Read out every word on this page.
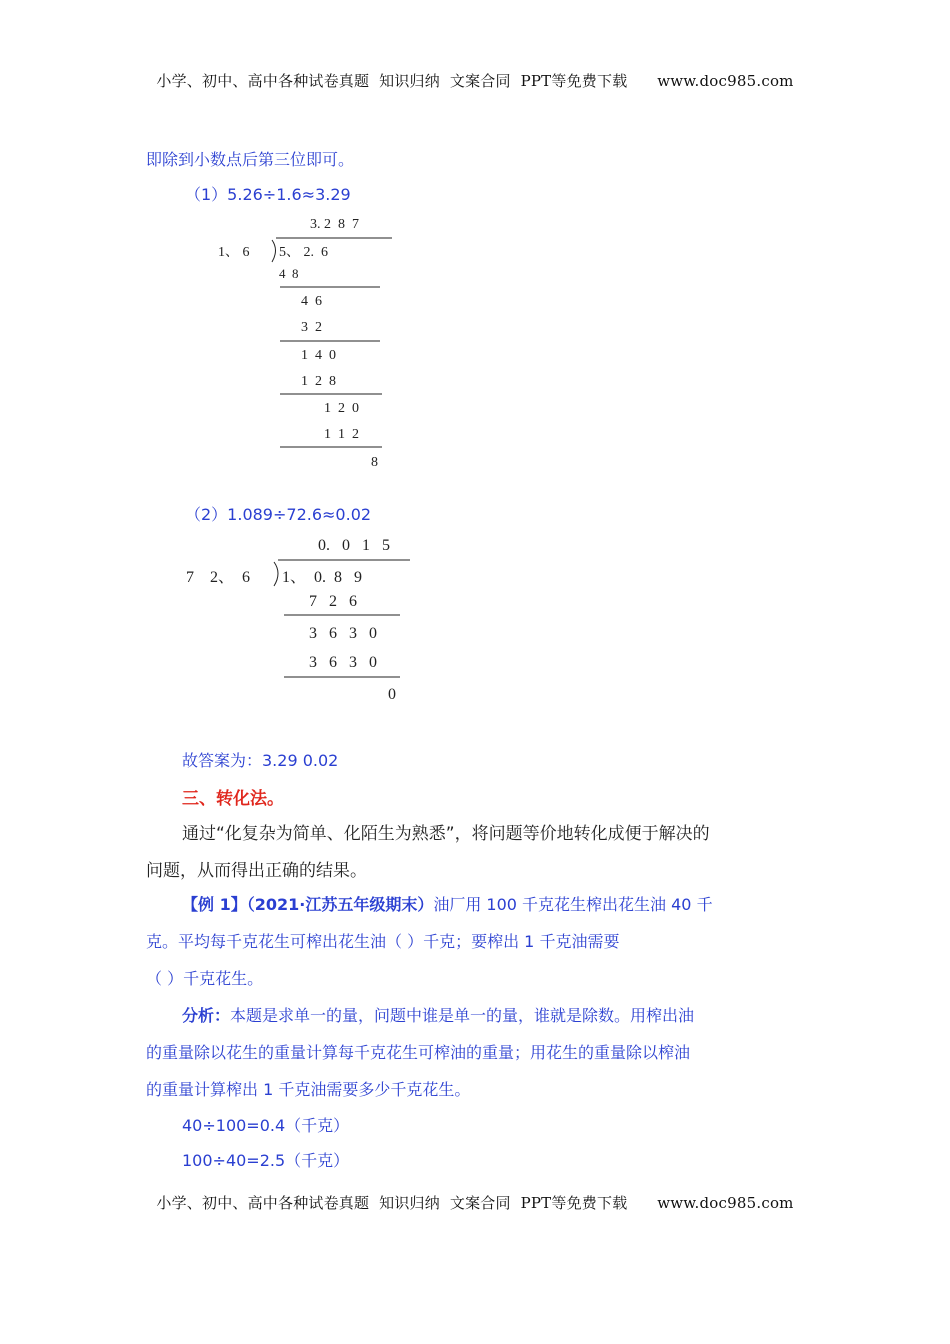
小学、初中、高中各种试卷真题  知识归纳  文案合同  PPT等免费下载      www.doc985.com
即除到小数点后第三位即可。
（1）5.26÷1.6≈3.29
3. 2  8  7
1、 6 5、 2.  6
4  8
4  6
3  2
1  4  0
1  2  8
1  2  0
1  1  2
8
（2）1.089÷72.6≈0.02
0.   0   1   5
7    2、  6 1、  0.  8   9
7   2   6
3   6   3   0
3   6   3   0
0
故答案为：3.29 0.02
三、转化法。
通过“化复杂为简单、化陌生为熟悉”，将问题等价地转化成便于解决的
问题，从而得出正确的结果。
【例 1】（2021·江苏五年级期末）油厂用 100 千克花生榨出花生油 40 千
克。平均每千克花生可榨出花生油（ ）千克；要榨出 1 千克油需要
（ ）千克花生。
分析：本题是求单一的量，问题中谁是单一的量，谁就是除数。用榨出油
的重量除以花生的重量计算每千克花生可榨油的重量；用花生的重量除以榨油
的重量计算榨出 1 千克油需要多少千克花生。
40÷100=0.4（千克）
100÷40=2.5（千克）
小学、初中、高中各种试卷真题  知识归纳  文案合同  PPT等免费下载      www.doc985.com
